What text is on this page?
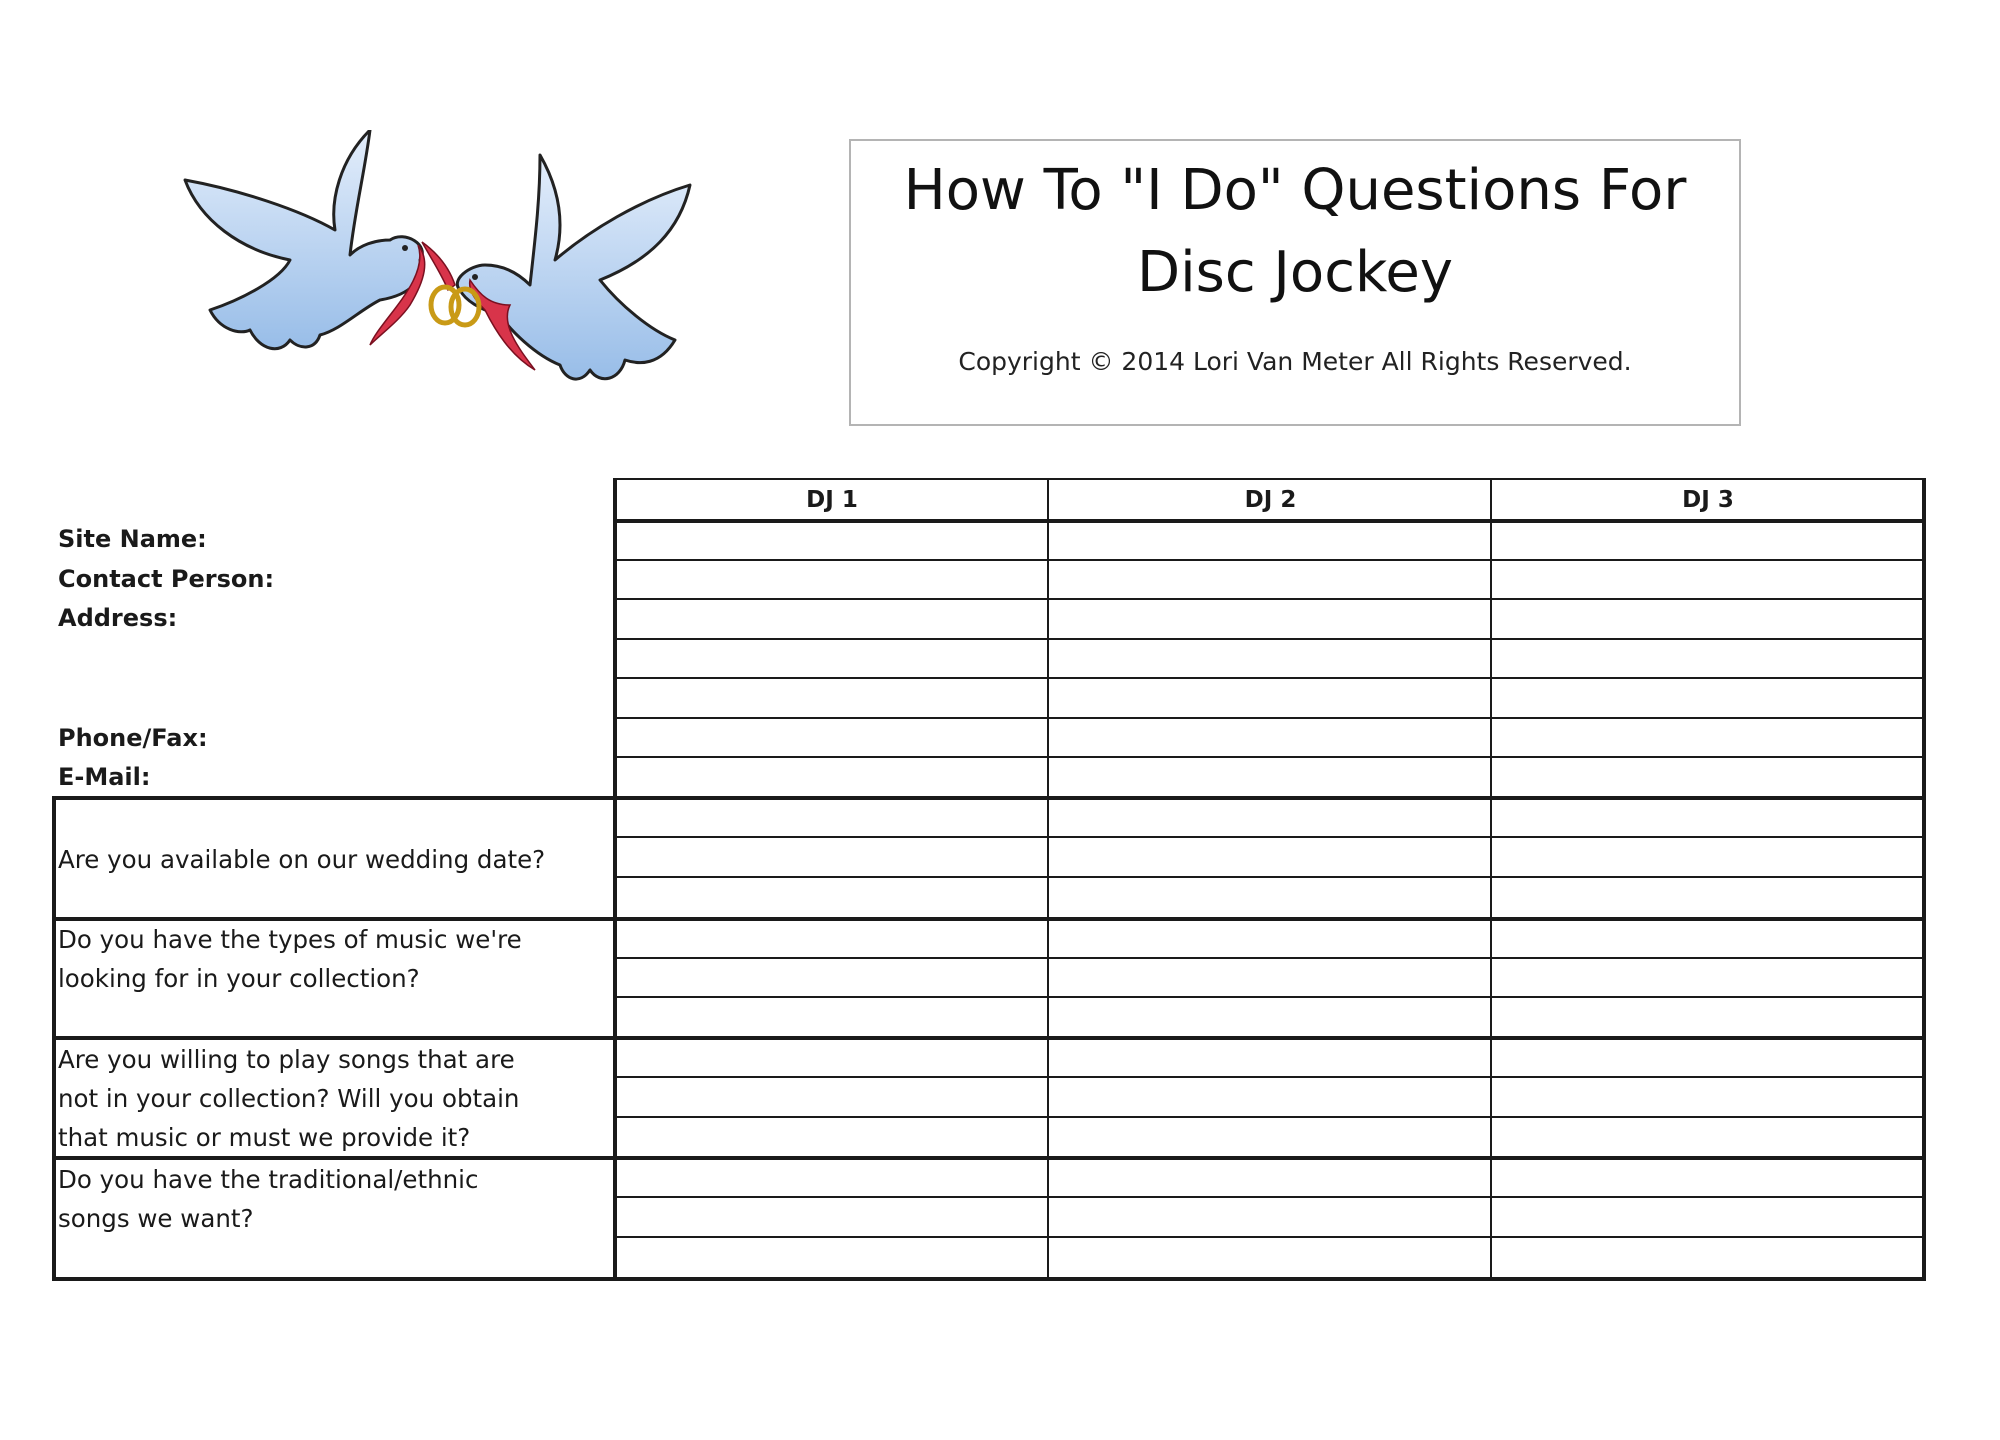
How To "I Do" Questions For
Disc Jockey
Copyright © 2014 Lori Van Meter All Rights Reserved.
DJ 1	DJ 2	DJ 3
Site Name:
Contact Person:
Address:
Phone/Fax:
E-Mail:
Are you available on our wedding date?
Do you have the types of music we're
looking for in your collection?
Are you willing to play songs that are
not in your collection? Will you obtain
that music or must we provide it?
Do you have the traditional/ethnic
songs we want?
